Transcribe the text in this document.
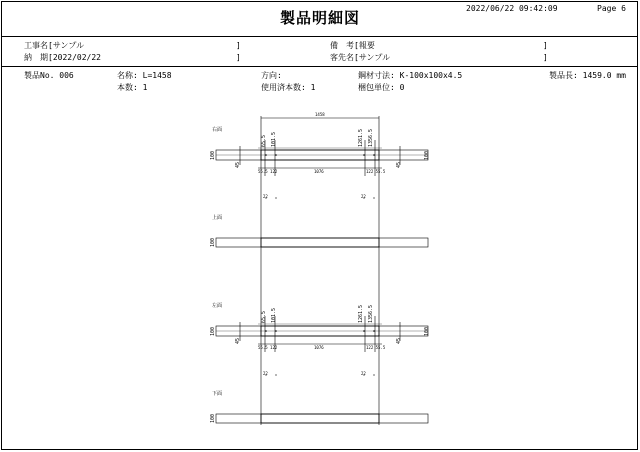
2022/06/22 09:42:09	Page 6
製品明細図
工事名[サンプル	]
納　期[2022/02/22	]
備　考[報要	]
客先名[サンプル	]
製品No. 006	名称: L=1458
本数: 1
方向:
使用済本数: 1
鋼材寸法: K-100x100x4.5
梱包単位: 0
製品長: 1459.0 mm
右面
上面
左面
下面
1458
55.5 122	1076	122 55.5
55.5 122	1076	122 55.5
100	100
100
100	100
100
65.5 101.5	1261.5 1356.5
65.5 101.5	1261.5 1356.5
45	45
45	45
22	22
22	22
